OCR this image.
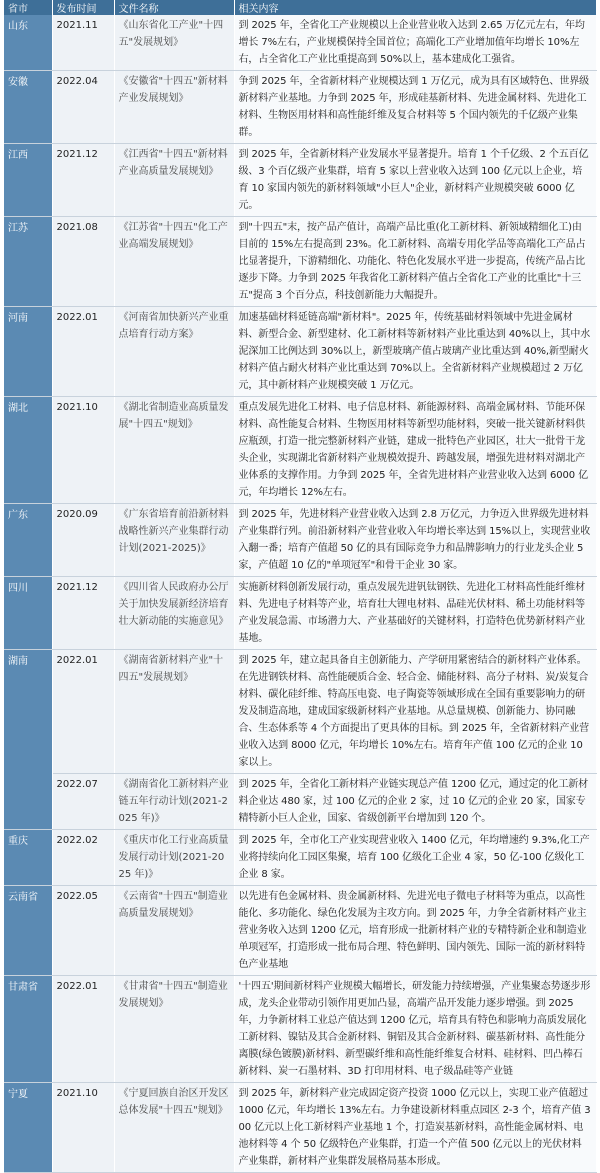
省市	发布时间	文件名称	相关内容
山东	2021.11	《山东省化工产业"十四五"发展规划》	到 2025 年，全省化工产业规模以上企业营业收入达到 2.65 万亿元左右，年均增长 7%左右，产业规模保持全国首位；高端化工产业增加值年均增长 10%左右，占全省化工产业比重提高到 50%以上，基本建成化工强省。
安徽	2022.04	《安徽省"十四五"新材料产业发展规划》	争到 2025 年，全省新材料产业规模达到 1 万亿元，成为具有区域特色、世界级新材料产业基地。力争到 2025 年，形成硅基新材料、先进金属材料、先进化工材料、生物医用材料和高性能纤维及复合材料等 5 个国内领先的千亿级产业集群。
江西	2021.12	《江西省"十四五"新材料产业高质量发展规划》	到 2025 年，全省新材料产业发展水平显著提升。培育 1 个千亿级、2 个五百亿级、3 个百亿级产业集群，培育 5 家以上营业收入达到 100 亿元以上企业，培育 10 家国内领先的新材料领域"小巨人"企业，新材料产业规模突破 6000 亿元。
江苏	2021.08	《江苏省"十四五"化工产业高端发展规划》	到"十四五"末，按产品产值计，高端产品比重(化工新材料、新领域精细化工)由目前的 15%左右提高到 23%。化工新材料、高端专用化学品等高端化工产品占比显著提升，下游精细化、功能化、特色化发展水平进一步提高，传统产品占比逐步下降。力争到 2025 年我省化工新材料产值占全省化工产业的比重比"十三五"提高 3 个百分点，科技创新能力大幅提升。
河南	2022.01	《河南省加快新兴产业重点培育行动方案》	加速基础材料延链高端"新材料"。2025 年，传统基础材料领域中先进金属材料、新型合金、新型建材、化工新材料等新材料产业比重达到 40%以上，其中水泥深加工比例达到 30%以上，新型玻璃产值占玻璃产业比重达到 40%,新型耐火材料产值占耐火材料产业比重达到 70%以上。全省新材料产业规模超过 2 万亿元，其中新材料产业规模突破 1 万亿元。
湖北	2021.10	《湖北省制造业高质量发展"十四五"规划》	重点发展先进化工材料、电子信息材料、新能源材料、高端金属材料、节能环保材料、高性能复合材料、生物医用材料等新型功能材料，突破一批关键新材料供应瓶颈，打造一批完整新材料产业链，建成一批特色产业园区，壮大一批骨干龙头企业，实现湖北省新材料产业规模效提升、跨越发展，增强先进材料对湖北产业体系的支撑作用。力争到 2025 年，全省先进材料产业营业收入达到 6000 亿元，年均增长 12%左右。
广东	2020.09	《广东省培育前沿新材料战略性新兴产业集群行动计划(2021-2025)》	到 2025 年，先进材料产业营业收入达到 2.8 万亿元，力争迈入世界级先进材料产业集群行列。前沿新材料产业营业收入年均增长率达到 15%以上，实现营业收入翻一番；培育产值超 50 亿的具有国际竞争力和品牌影响力的行业龙头企业 5 家，产值超 10 亿的"单项冠军"和骨干企业 30 家。
四川	2021.12	《四川省人民政府办公厅关于加快发展新经济培育壮大新动能的实施意见》	实施新材料创新发展行动，重点发展先进钒钛钢铁、先进化工材料高性能纤维材料、先进电子材料等产业，培育壮大锂电材料、晶硅光伏材料、稀土功能材料等产业发展急需、市场潜力大、产业基础好的关键材料，打造特色优势新材料产业基地。
湖南	2022.01	《湖南省新材料产业"十四五"发展规划》	到 2025 年，建立起具备自主创新能力、产学研用紧密结合的新材料产业体系。在先进钢铁材料、高性能硬质合金、轻合金、储能材料、高分子材料、炭/炭复合材料、碳化硅纤维、特高压电瓷、电子陶瓷等领域形成在全国有重要影响力的研发及制造高地，建成国家级新材料产业基地。从总量规模、创新能力、协同融合、生态体系等 4 个方面提出了更具体的目标。到 2025 年，全省新材料产业营业收入达到 8000 亿元，年均增长 10%左右。培育年产值 100 亿元的企业 10 家以上。
	2022.07	《湖南省化工新材料产业链五年行动计划(2021-2025 年)》	到 2025 年，全省化工新材料产业链实现总产值 1200 亿元，通过定的化工新材料企业达 480 家，过 100 亿元的企业 2 家，过 10 亿元的企业 20 家，国家专精特新小巨人企业，国家、省级创新平台增加到 120 个。
重庆	2022.02	《重庆市化工行业高质量发展行动计划(2021-2025 年)》	到 2025 年，全市化工产业实现营业收入 1400 亿元，年均增速约 9.3%,化工产业将持续向化工园区集聚，培育 100 亿级化工企业 4 家，50 亿-100 亿级化工企业 8 家。
云南省	2022.05	《云南省"十四五"制造业高质量发展规划》	以先进有色金属材料、贵金属新材料、先进光电子微电子材料等为重点，以高性能化、多功能化、绿色化发展为主攻方向。到 2025 年，力争全省新材料产业主营业务收入达到 1200 亿元，培育形成一批新材料产业的专精特新企业和制造业单项冠军，打造形成一批布局合理、特色鲜明、国内领先、国际一流的新材料特色产业基地
甘肃省	2022.01	《甘肃省"十四五"制造业发展规划》	'十四五'期间新材料产业规模大幅增长，研发能力持续增强，产业集聚态势逐步形成，龙头企业带动引领作用更加凸显，高端产品开发能力逐步增强。到 2025 年，力争新材料工业总产值达到 1200 亿元，培育具有特色和影响力高质发展化工新材料、镍钴及其合金新材料、铜铝及其合金新材料、碳基新材料、高性能分离膜(绿色镀膜)新材料、新型碳纤维和高性能纤维复合材料、硅材料、凹凸棒石新材料、炭一石墨材料、3D 打印用材料、电子级晶硅等产业链
宁夏	2021.10	《宁夏回族自治区开发区总体发展"十四五"规划》	到 2025 年，新材料产业完成固定资产投资 1000 亿元以上，实现工业产值超过 1000 亿元，年均增长 13%左右。力争建设新材料重点园区 2-3 个，培育产值 300 亿元以上化工新材料产业基地 1 个，打造炭基新材料，高性能金属材料、电池材料等 4 个 50 亿级特色产业集群，打造一个产值 500 亿元以上的光伏材料产业集群，新材料产业集群发展格局基本形成。
